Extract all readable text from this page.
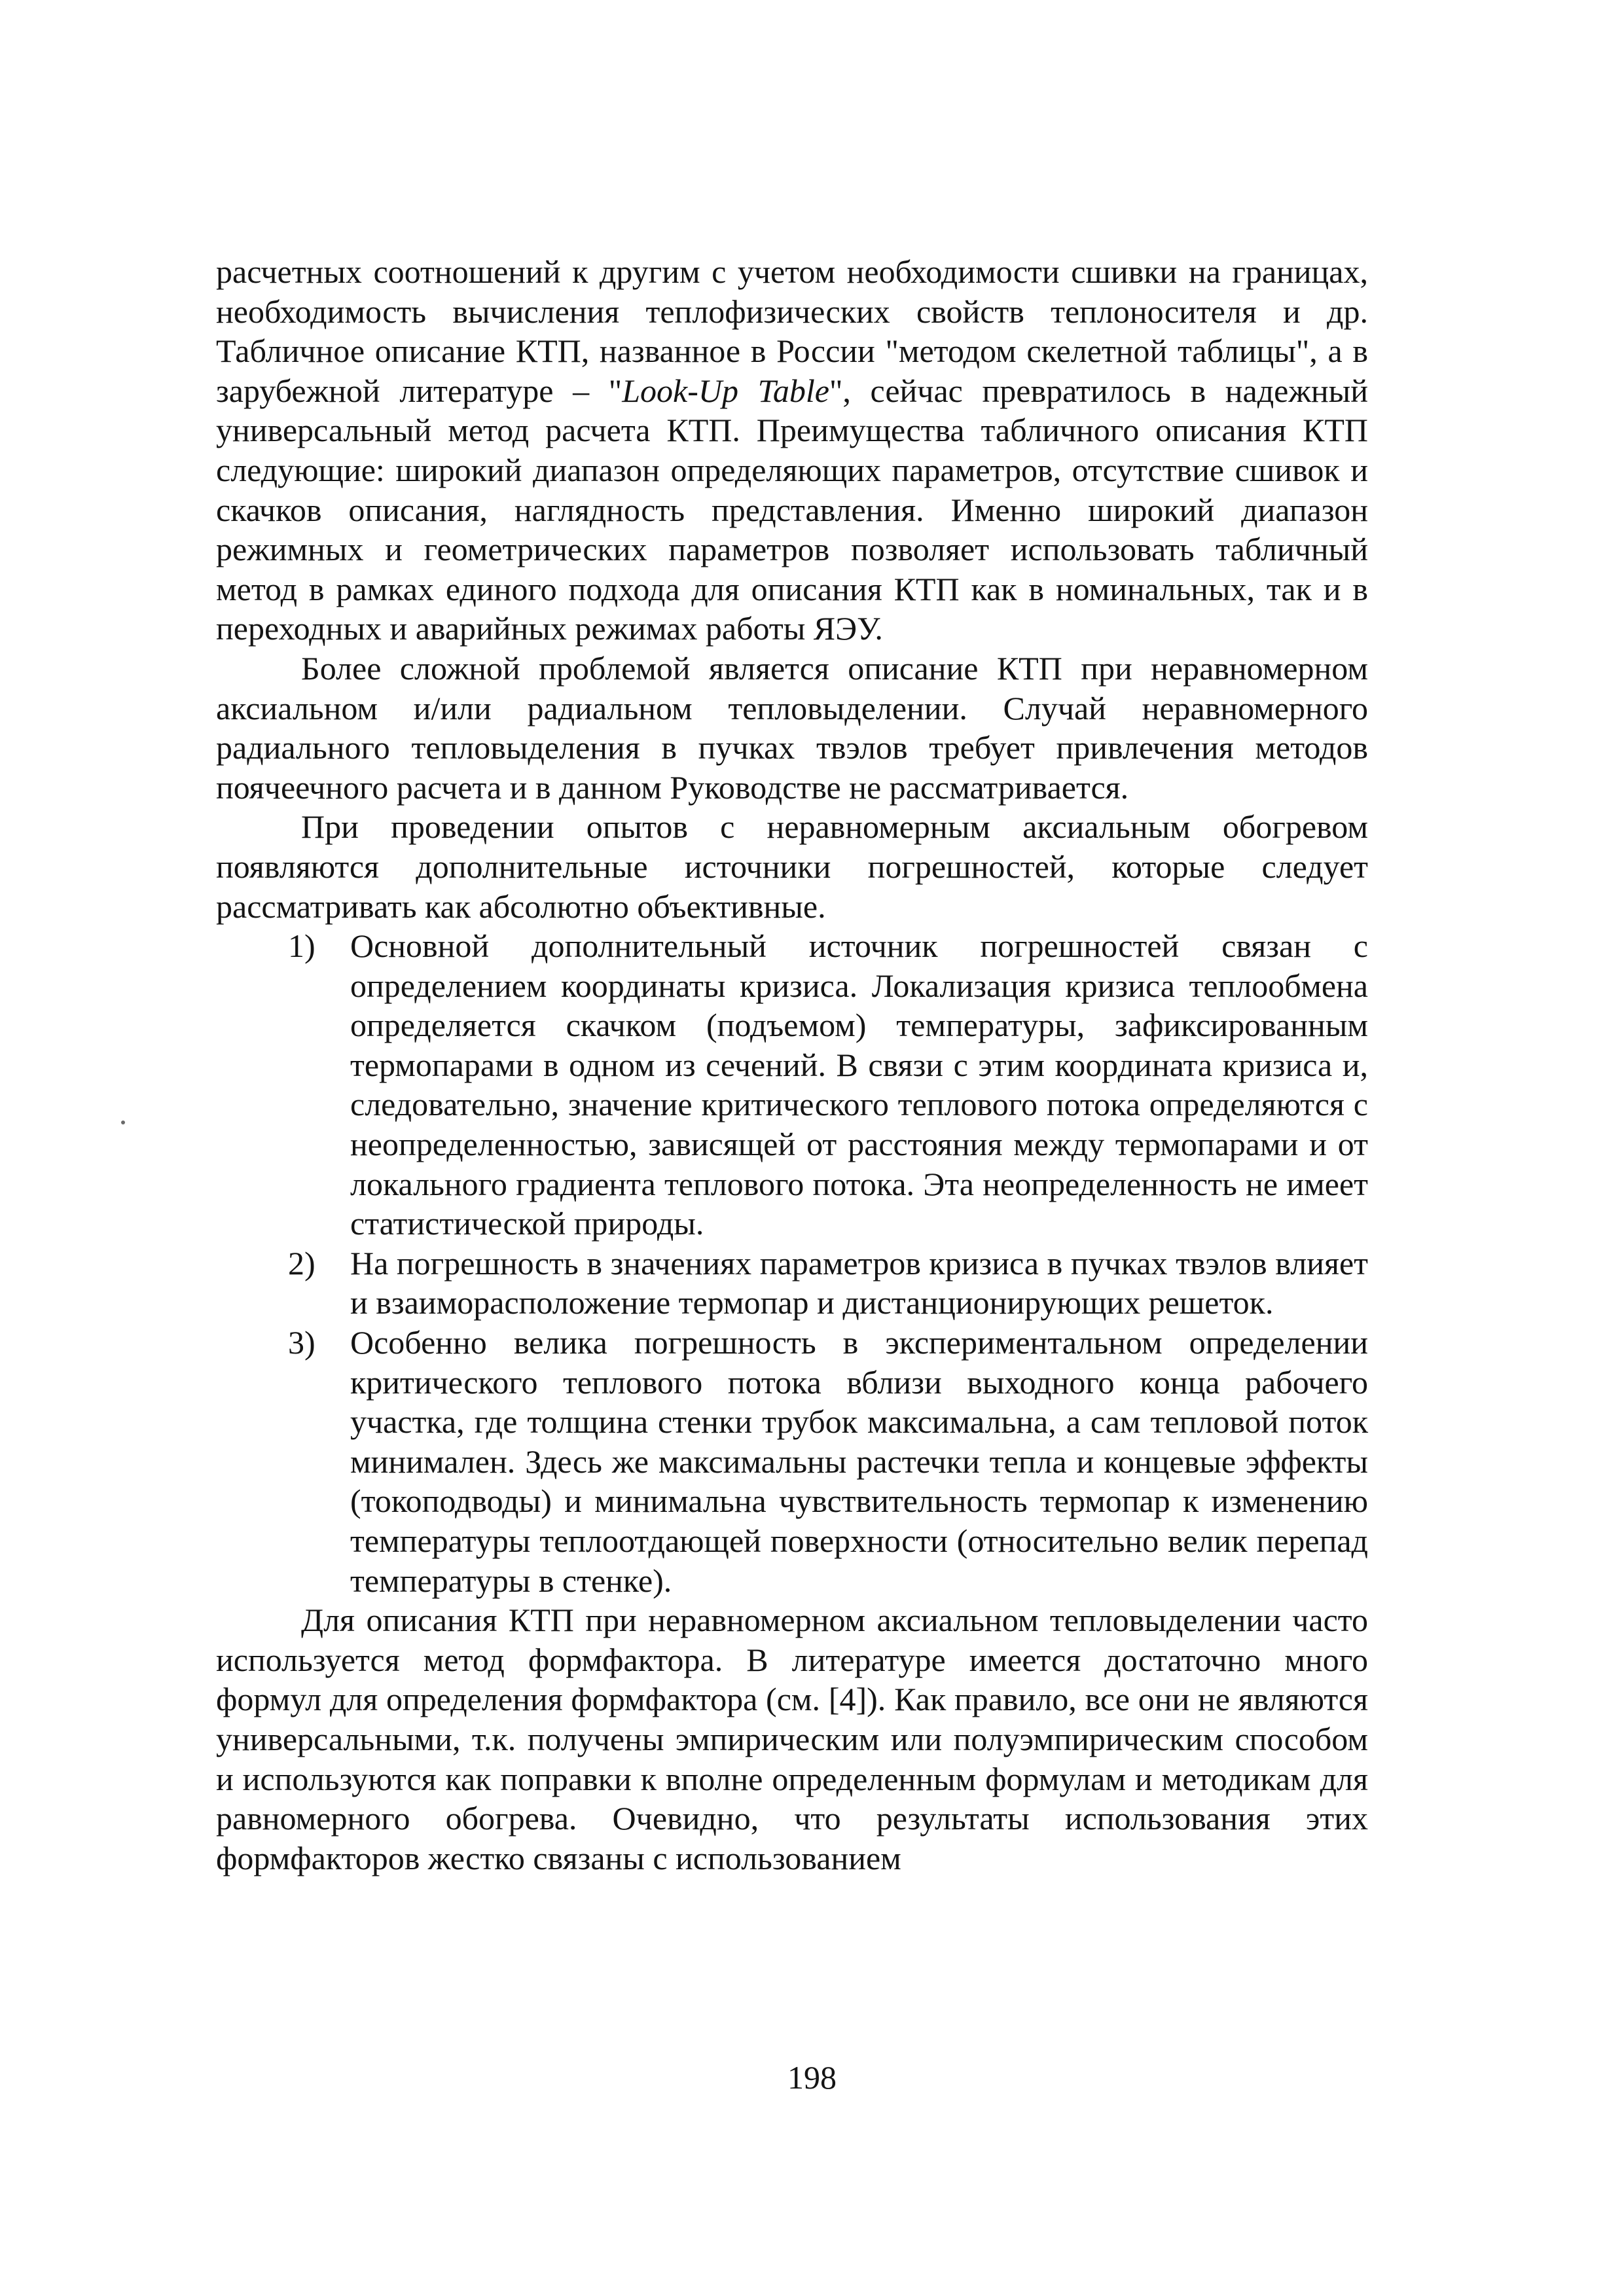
расчетных соотношений к другим с учетом необходимости сшивки на границах, необходимость вычисления теплофизических свойств теплоносителя и др. Табличное описание КТП, названное в России "методом скелетной таблицы", а в зарубежной литературе – "Look-Up Table", сейчас превратилось в надежный универсальный метод расчета КТП. Преимущества табличного описания КТП следующие: широкий диапазон определяющих параметров, отсутствие сшивок и скачков описания, наглядность представления. Именно широкий диапазон режимных и геометрических параметров позволяет использовать табличный метод в рамках единого подхода для описания КТП как в номинальных, так и в переходных и аварийных режимах работы ЯЭУ.

Более сложной проблемой является описание КТП при неравномерном аксиальном и/или радиальном тепловыделении. Случай неравномерного радиального тепловыделения в пучках твэлов требует привлечения методов поячеечного расчета и в данном Руководстве не рассматривается.

При проведении опытов с неравномерным аксиальным обогревом появляются дополнительные источники погрешностей, которые следует рассматривать как абсолютно объективные.

1)	Основной дополнительный источник погрешностей связан с определением координаты кризиса. Локализация кризиса теплообмена определяется скачком (подъемом) температуры, зафиксированным термопарами в одном из сечений. В связи с этим координата кризиса и, следовательно, значение критического теплового потока определяются с неопределенностью, зависящей от расстояния между термопарами и от локального градиента теплового потока. Эта неопределенность не имеет статистической природы.
2)	На погрешность в значениях параметров кризиса в пучках твэлов влияет и взаиморасположение термопар и дистанционирующих решеток.
3)	Особенно велика погрешность в экспериментальном определении критического теплового потока вблизи выходного конца рабочего участка, где толщина стенки трубок максимальна, а сам тепловой поток минимален. Здесь же максимальны растечки тепла и концевые эффекты (токоподводы) и минимальна чувствительность термопар к изменению температуры теплоотдающей поверхности (относительно велик перепад температуры в стенке).

Для описания КТП при неравномерном аксиальном тепловыделении часто используется метод формфактора. В литературе имеется достаточно много формул для определения формфактора (см. [4]). Как правило, все они не являются универсальными, т.к. получены эмпирическим или полуэмпирическим способом и используются как поправки к вполне определенным формулам и методикам для равномерного обогрева. Очевидно, что результаты использования этих формфакторов жестко связаны с использованием

198
